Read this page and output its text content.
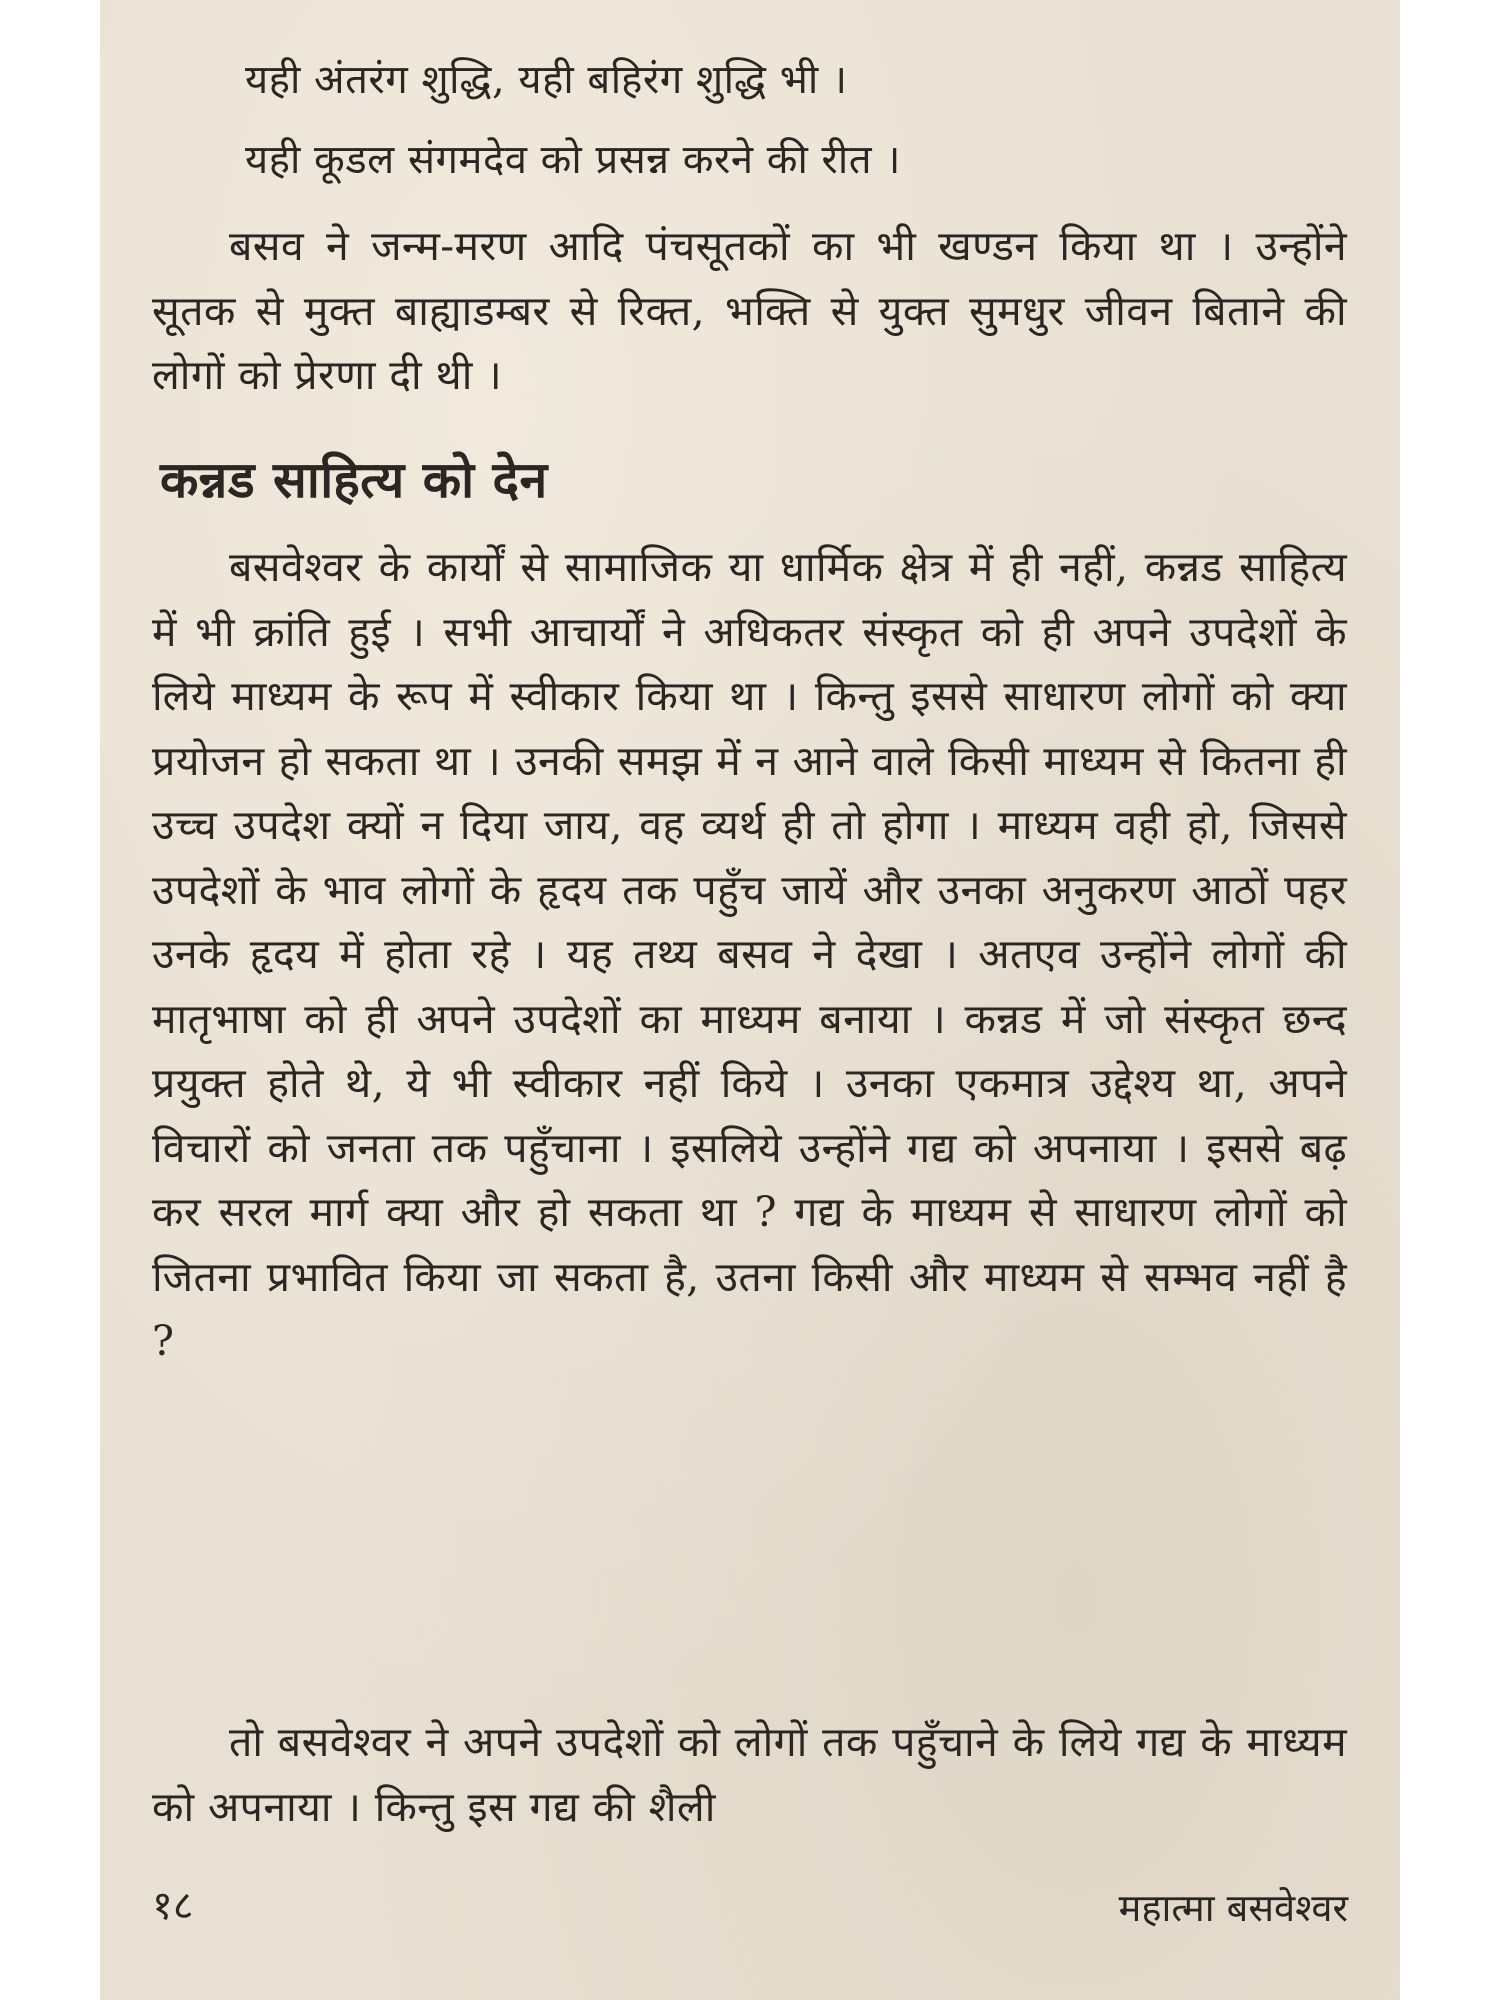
यही अंतरंग शुद्धि, यही बहिरंग शुद्धि भी ।
यही कूडल संगमदेव को प्रसन्न करने की रीत ।

बसव ने जन्म-मरण आदि पंचसूतकों का भी खण्डन किया था । उन्होंने सूतक से मुक्त बाह्याडम्बर से रिक्त, भक्ति से युक्त सुमधुर जीवन बिताने की लोगों को प्रेरणा दी थी ।

कन्नड साहित्य को देन

बसवेश्वर के कार्यों से सामाजिक या धार्मिक क्षेत्र में ही नहीं, कन्नड साहित्य में भी क्रांति हुई । सभी आचार्यों ने अधिकतर संस्कृत को ही अपने उपदेशों के लिये माध्यम के रूप में स्वीकार किया था । किन्तु इससे साधारण लोगों को क्या प्रयोजन हो सकता था । उनकी समझ में न आने वाले किसी माध्यम से कितना ही उच्च उपदेश क्यों न दिया जाय, वह व्यर्थ ही तो होगा । माध्यम वही हो, जिससे उपदेशों के भाव लोगों के हृदय तक पहुँच जायें और उनका अनुकरण आठों पहर उनके हृदय में होता रहे । यह तथ्य बसव ने देखा । अतएव उन्होंने लोगों की मातृभाषा को ही अपने उपदेशों का माध्यम बनाया । कन्नड में जो संस्कृत छन्द प्रयुक्त होते थे, ये भी स्वीकार नहीं किये । उनका एकमात्र उद्देश्य था, अपने विचारों को जनता तक पहुँचाना । इसलिये उन्होंने गद्य को अपनाया । इससे बढ़ कर सरल मार्ग क्या और हो सकता था ? गद्य के माध्यम से साधारण लोगों को जितना प्रभावित किया जा सकता है, उतना किसी और माध्यम से सम्भव नहीं है ?

तो बसवेश्वर ने अपने उपदेशों को लोगों तक पहुँचाने के लिये गद्य के माध्यम को अपनाया । किन्तु इस गद्य की शैली

१८	महात्मा बसवेश्वर
